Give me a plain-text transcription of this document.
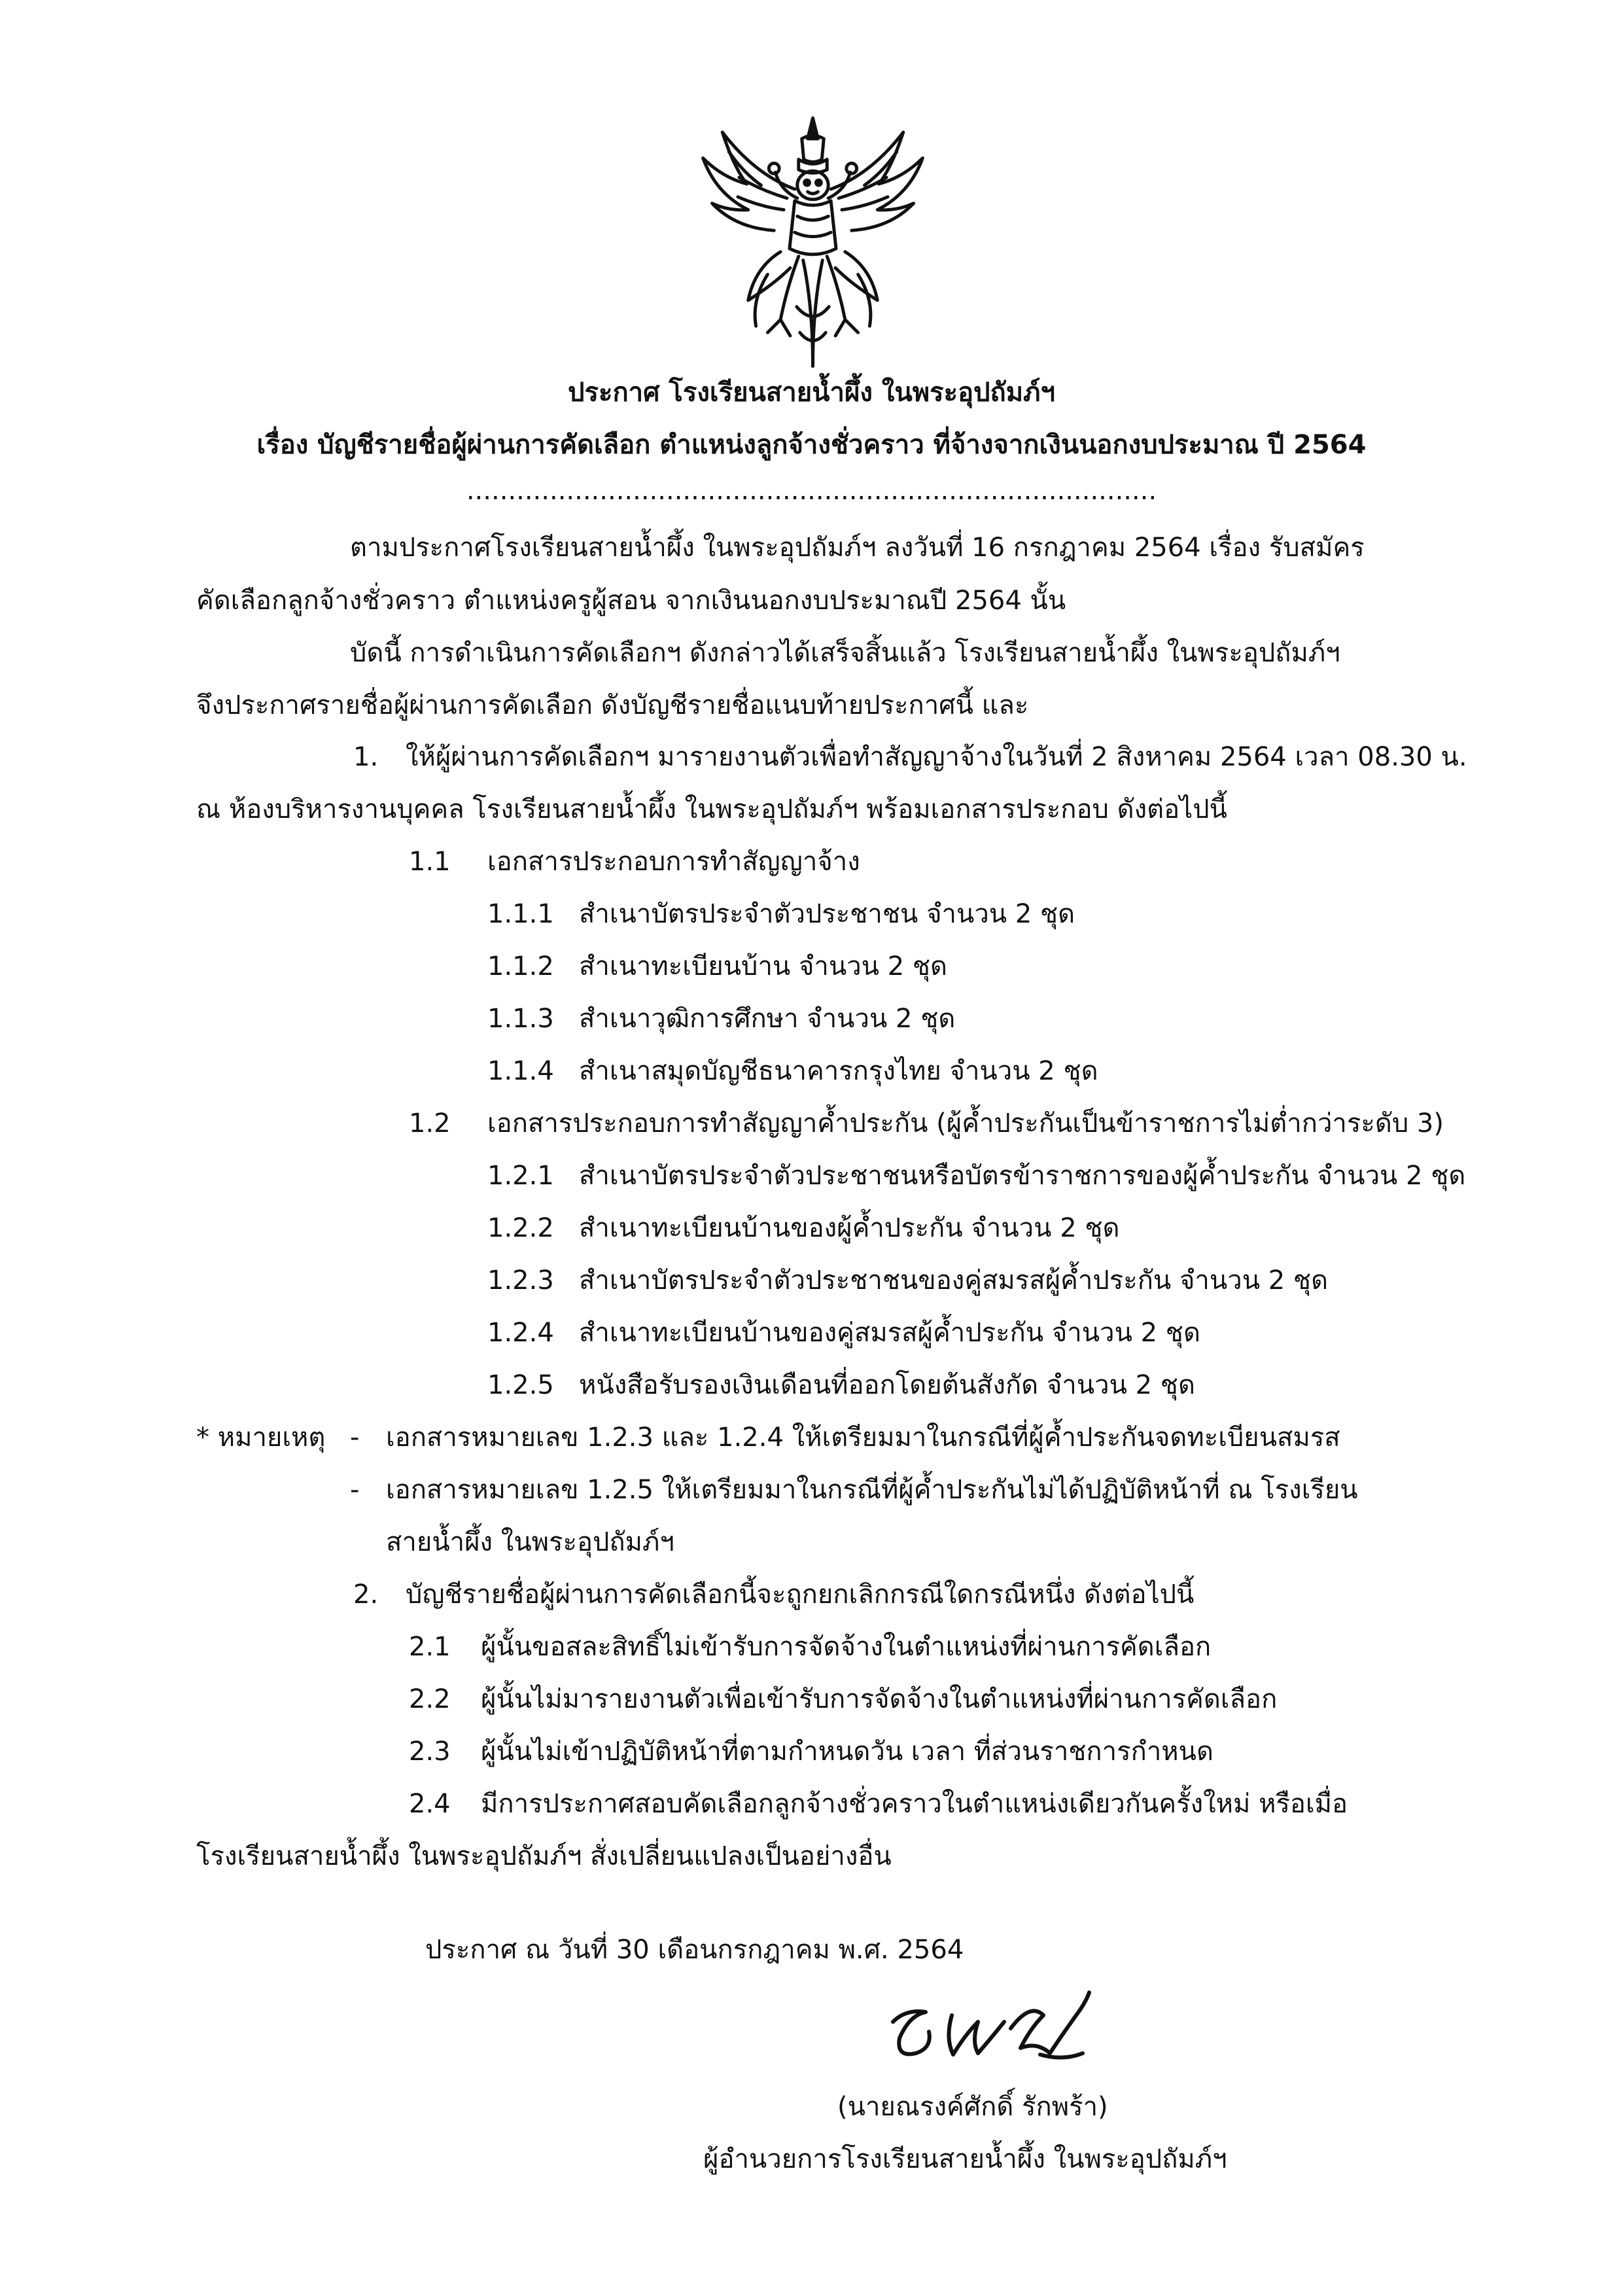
ประกาศ โรงเรียนสายน้ำผึ้ง ในพระอุปถัมภ์ฯ
เรื่อง บัญชีรายชื่อผู้ผ่านการคัดเลือก ตำแหน่งลูกจ้างชั่วคราว ที่จ้างจากเงินนอกงบประมาณ ปี 2564
...................................................................................
ตามประกาศโรงเรียนสายน้ำผึ้ง ในพระอุปถัมภ์ฯ ลงวันที่ 16 กรกฎาคม 2564 เรื่อง รับสมัคร
คัดเลือกลูกจ้างชั่วคราว ตำแหน่งครูผู้สอน จากเงินนอกงบประมาณปี 2564 นั้น
บัดนี้ การดำเนินการคัดเลือกฯ ดังกล่าวได้เสร็จสิ้นแล้ว โรงเรียนสายน้ำผึ้ง ในพระอุปถัมภ์ฯ
จึงประกาศรายชื่อผู้ผ่านการคัดเลือก ดังบัญชีรายชื่อแนบท้ายประกาศนี้ และ
1. ให้ผู้ผ่านการคัดเลือกฯ มารายงานตัวเพื่อทำสัญญาจ้างในวันที่ 2 สิงหาคม 2564 เวลา 08.30 น.
ณ ห้องบริหารงานบุคคล โรงเรียนสายน้ำผึ้ง ในพระอุปถัมภ์ฯ พร้อมเอกสารประกอบ ดังต่อไปนี้
1.1 เอกสารประกอบการทำสัญญาจ้าง
1.1.1 สำเนาบัตรประจำตัวประชาชน จำนวน 2 ชุด
1.1.2 สำเนาทะเบียนบ้าน จำนวน 2 ชุด
1.1.3 สำเนาวุฒิการศึกษา จำนวน 2 ชุด
1.1.4 สำเนาสมุดบัญชีธนาคารกรุงไทย จำนวน 2 ชุด
1.2 เอกสารประกอบการทำสัญญาค้ำประกัน (ผู้ค้ำประกันเป็นข้าราชการไม่ต่ำกว่าระดับ 3)
1.2.1 สำเนาบัตรประจำตัวประชาชนหรือบัตรข้าราชการของผู้ค้ำประกัน จำนวน 2 ชุด
1.2.2 สำเนาทะเบียนบ้านของผู้ค้ำประกัน จำนวน 2 ชุด
1.2.3 สำเนาบัตรประจำตัวประชาชนของคู่สมรสผู้ค้ำประกัน จำนวน 2 ชุด
1.2.4 สำเนาทะเบียนบ้านของคู่สมรสผู้ค้ำประกัน จำนวน 2 ชุด
1.2.5 หนังสือรับรองเงินเดือนที่ออกโดยต้นสังกัด จำนวน 2 ชุด
* หมายเหตุ - เอกสารหมายเลข 1.2.3 และ 1.2.4 ให้เตรียมมาในกรณีที่ผู้ค้ำประกันจดทะเบียนสมรส
- เอกสารหมายเลข 1.2.5 ให้เตรียมมาในกรณีที่ผู้ค้ำประกันไม่ได้ปฏิบัติหน้าที่ ณ โรงเรียน
สายน้ำผึ้ง ในพระอุปถัมภ์ฯ
2. บัญชีรายชื่อผู้ผ่านการคัดเลือกนี้จะถูกยกเลิกกรณีใดกรณีหนึ่ง ดังต่อไปนี้
2.1 ผู้นั้นขอสละสิทธิ์ไม่เข้ารับการจัดจ้างในตำแหน่งที่ผ่านการคัดเลือก
2.2 ผู้นั้นไม่มารายงานตัวเพื่อเข้ารับการจัดจ้างในตำแหน่งที่ผ่านการคัดเลือก
2.3 ผู้นั้นไม่เข้าปฏิบัติหน้าที่ตามกำหนดวัน เวลา ที่ส่วนราชการกำหนด
2.4 มีการประกาศสอบคัดเลือกลูกจ้างชั่วคราวในตำแหน่งเดียวกันครั้งใหม่ หรือเมื่อ
โรงเรียนสายน้ำผึ้ง ในพระอุปถัมภ์ฯ สั่งเปลี่ยนแปลงเป็นอย่างอื่น
ประกาศ ณ วันที่ 30 เดือนกรกฎาคม พ.ศ. 2564
(นายณรงค์ศักดิ์ รักพร้า)
ผู้อำนวยการโรงเรียนสายน้ำผึ้ง ในพระอุปถัมภ์ฯ
